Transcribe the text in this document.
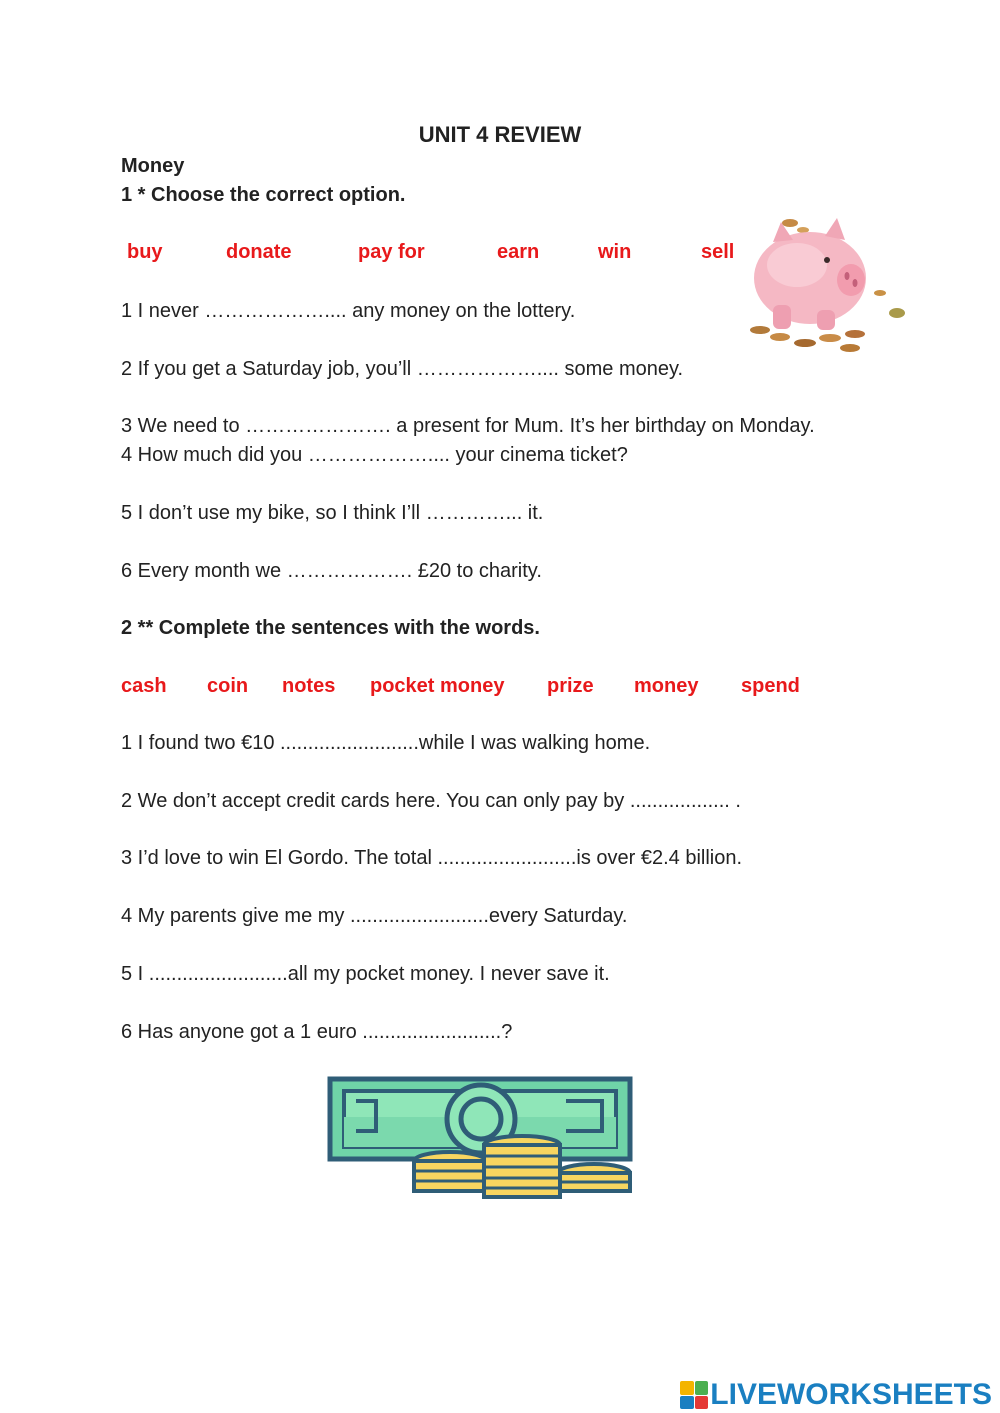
UNIT 4 REVIEW
Money
1 * Choose the correct option.
buy	donate	pay for	earn	win	sell
1 I never ……………….... any money on the lottery.
2 If you get a Saturday job, you’ll ……………….... some money.
3 We need to …………………. a present for Mum. It’s her birthday on Monday.
4 How much did you ……………….... your cinema ticket?
5 I don’t use my bike, so I think I’ll …………... it.
6 Every month we ………………. £20 to charity.
2 ** Complete the sentences with the words.
cash coin notes pocket money prize money spend
1 I found two €10 .........................while I was walking home.
2 We don’t accept credit cards here. You can only pay by .................. .
3 I’d love to win El Gordo. The total .........................is over €2.4 billion.
4 My parents give me my .........................every Saturday.
5 I .........................all my pocket money. I never save it.
6 Has anyone got a 1 euro .........................?
LIVEWORKSHEETS
